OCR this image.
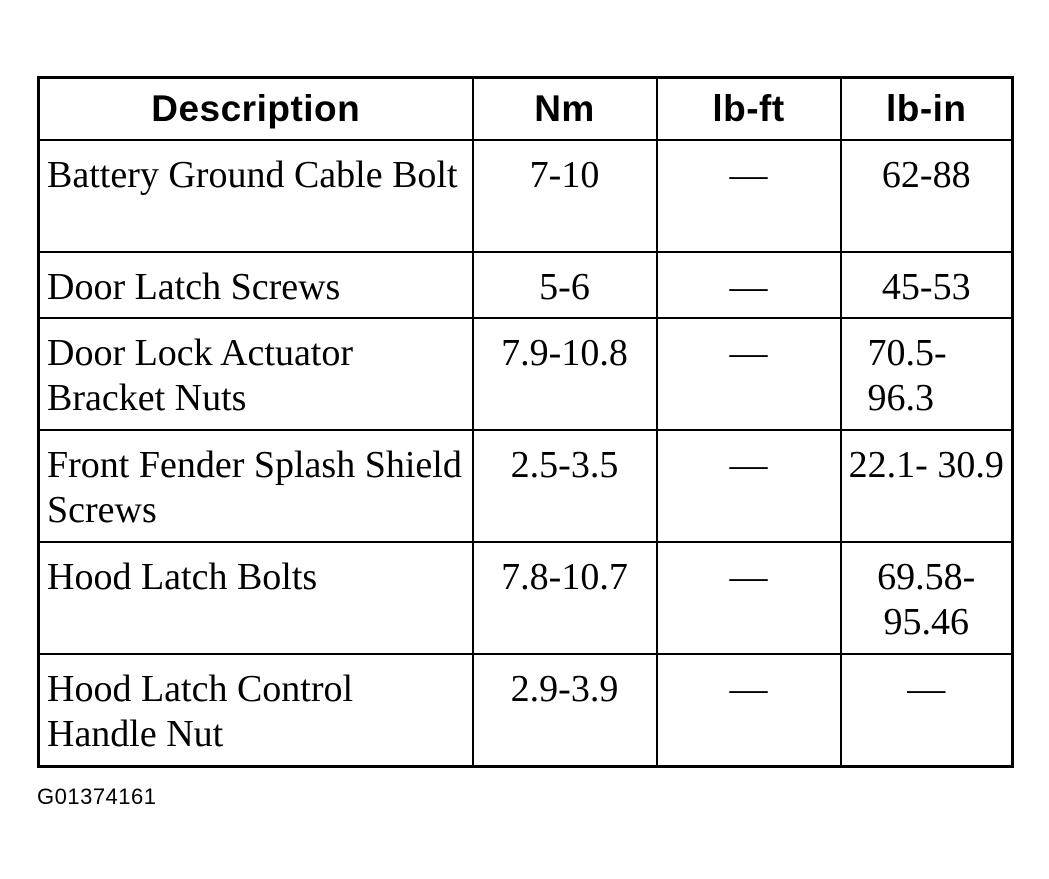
Description	Nm	lb-ft	lb-in
Battery Ground Cable Bolt	7-10	—	62-88
Door Latch Screws	5-6	—	45-53
Door Lock Actuator Bracket Nuts	7.9-10.8	—	70.5- 96.3
Front Fender Splash Shield Screws	2.5-3.5	—	22.1- 30.9
Hood Latch Bolts	7.8-10.7	—	69.58- 95.46
Hood Latch Control Handle Nut	2.9-3.9	—	—
G01374161
